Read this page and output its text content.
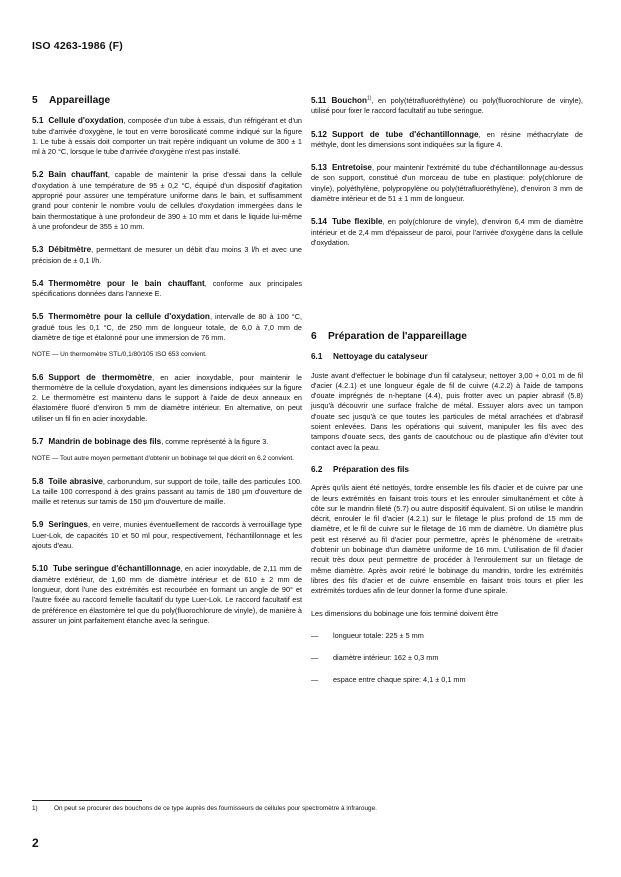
ISO 4263-1986 (F)
5 Appareillage
5.1 Cellule d'oxydation, composée d'un tube à essais, d'un réfrigérant et d'un tube d'arrivée d'oxygène, le tout en verre borosilicaté comme indiqué sur la figure 1. Le tube à essais doit comporter un trait repère indiquant un volume de 300 ± 1 ml à 20 °C, lorsque le tube d'arrivée d'oxygène n'est pas installé.
5.2 Bain chauffant, capable de maintenir la prise d'essai dans la cellule d'oxydation à une température de 95 ± 0,2 °C, équipé d'un dispositif d'agitation approprié pour assurer une température uniforme dans le bain, et suffisamment grand pour contenir le nombre voulu de cellules d'oxydation immergées dans le bain thermostatique à une profondeur de 390 ± 10 mm et dans le liquide lui-même à une profondeur de 355 ± 10 mm.
5.3 Débitmètre, permettant de mesurer un débit d'au moins 3 l/h et avec une précision de ± 0,1 l/h.
5.4 Thermomètre pour le bain chauffant, conforme aux principales spécifications données dans l'annexe E.
5.5 Thermomètre pour la cellule d'oxydation, intervalle de 80 à 100 °C, gradué tous les 0,1 °C, de 250 mm de longueur totale, de 6,0 à 7,0 mm de diamètre de tige et étalonné pour une immersion de 76 mm.
NOTE — Un thermomètre STL/0,1/80/105 ISO 653 convient.
5.6 Support de thermomètre, en acier inoxydable, pour maintenir le thermomètre de la cellule d'oxydation, ayant les dimensions indiquées sur la figure 2. Le thermomètre est maintenu dans le support à l'aide de deux anneaux en élastomère fluoré d'environ 5 mm de diamètre intérieur. En alternative, on peut utiliser un fil fin en acier inoxydable.
5.7 Mandrin de bobinage des fils, comme représenté à la figure 3.
NOTE — Tout autre moyen permettant d'obtenir un bobinage tel que décrit en 6.2 convient.
5.8 Toile abrasive, carborundum, sur support de toile, taille des particules 100. La taille 100 correspond à des grains passant au tamis de 180 µm d'ouverture de maille et retenus sur tamis de 150 µm d'ouverture de maille.
5.9 Seringues, en verre, munies éventuellement de raccords à verrouillage type Luer-Lok, de capacités 10 et 50 ml pour, respectivement, l'échantillonnage et les ajouts d'eau.
5.10 Tube seringue d'échantillonnage, en acier inoxydable, de 2,11 mm de diamètre extérieur, de 1,60 mm de diamètre intérieur et de 610 ± 2 mm de longueur, dont l'une des extrémités est recourbée en formant un angle de 90° et l'autre fixée au raccord femelle facultatif du type Luer-Lok. Le raccord facultatif est de préférence en élastomère tel que du poly(fluorochlorure de vinyle), de manière à assurer un joint parfaitement étanche avec la seringue.
5.11 Bouchon$^{1)}$, en poly(tétrafluoréthylène) ou poly(fluorochlorure de vinyle), utilisé pour fixer le raccord facultatif au tube seringue.
5.12 Support de tube d'échantillonnage, en résine méthacrylate de méthyle, dont les dimensions sont indiquées sur la figure 4.
5.13 Entretoise, pour maintenir l'extrémité du tube d'échantillonnage au-dessus de son support, constitué d'un morceau de tube en plastique: poly(chlorure de vinyle), polyéthylène, polypropylène ou poly(tétrafluoréthylène), d'environ 3 mm de diamètre intérieur et de 51 ± 1 mm de longueur.
5.14 Tube flexible, en poly(chlorure de vinyle), d'environ 6,4 mm de diamètre intérieur et de 2,4 mm d'épaisseur de paroi, pour l'arrivée d'oxygène dans la cellule d'oxydation.
6 Préparation de l'appareillage
6.1 Nettoyage du catalyseur
Juste avant d'effectuer le bobinage d'un fil catalyseur, nettoyer 3,00 + 0,01 m de fil d'acier (4.2.1) et une longueur égale de fil de cuivre (4.2.2) à l'aide de tampons d'ouate imprégnés de n-heptane (4.4), puis frotter avec un papier abrasif (5.8) jusqu'à découvrir une surface fraîche de métal. Essuyer alors avec un tampon d'ouate sec jusqu'à ce que toutes les particules de métal arrachées et d'abrasif soient enlevées. Dans les opérations qui suivent, manipuler les fils avec des tampons d'ouate secs, des gants de caoutchouc ou de plastique afin d'éviter tout contact avec la peau.
6.2 Préparation des fils
Après qu'ils aient été nettoyés, tordre ensemble les fils d'acier et de cuivre par une de leurs extrémités en faisant trois tours et les enrouler simultanément et côte à côte sur le mandrin fileté (5.7) ou autre dispositif équivalent. Si on utilise le mandrin décrit, enrouler le fil d'acier (4.2.1) sur le filetage le plus profond de 15 mm de diamètre, et le fil de cuivre sur le filetage de 16 mm de diamètre. Un diamètre plus petit est réservé au fil d'acier pour permettre, après le phénomène de «retrait» d'obtenir un bobinage d'un diamètre uniforme de 16 mm. L'utilisation de fil d'acier recuit très doux peut permettre de procéder à l'enroulement sur un filetage de même diamètre. Après avoir retiré le bobinage du mandrin, tordre les extrémités libres des fils d'acier et de cuivre ensemble en faisant trois tours et plier les extrémités tordues afin de leur donner la forme d'une spirale.
Les dimensions du bobinage une fois terminé doivent être
—	longueur totale: 225 ± 5 mm
—	diamètre intérieur: 162 ± 0,3 mm
—	espace entre chaque spire: 4,1 ± 0,1 mm
1)	On peut se procurer des bouchons de ce type auprès des fournisseurs de cellules pour spectromètre à infrarouge.
2
